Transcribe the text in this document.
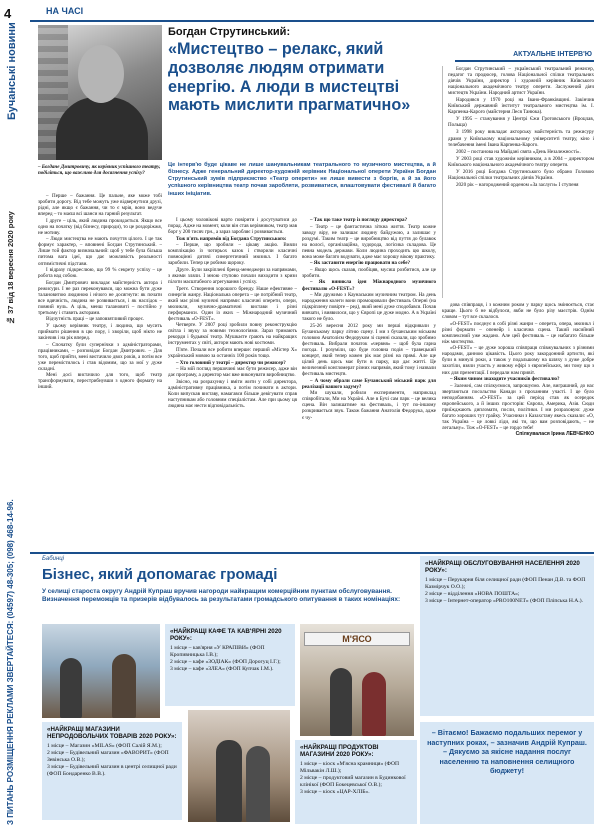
4
Бучанські новини
№ 37 від 18 вересня 2020 року
З ПИТАНЬ РОЗМІЩЕННЯ РЕКЛАМИ ЗВЕРТАЙТЕСЯ: (04597) 48-305; (098) 468-14-96.
НА ЧАСІ
АКТУАЛЬНЕ ІНТЕРВ'Ю
Богдан Струтинський:
«Мистецтво – релакс, який дозволяє людям отримати енергію. А люди в мистецтві мають мислити прагматично»
Це інтерв'ю буде цікаве не лише шанувальникам театрального то музичного мистецтва, а й бізнесу. Адже генеральний директор-художній керівник Національної оперети України Богдан Струтинський зумів підприємство «Театр оперети» не лише вивести з боргів, а й за його успішного керівництва театр почав заробляти, розвиватися, влаштовувати фестивалі й багато інших ініціатив.
– Богдане Дмитровичу, як керівник успішного театру, поділіться, що важливо для досягнення успіху?

Богдан Струтинський – український театральний режисер, педагог та продюсер, голова Національної спілки театральних діячів України, директор і художній керівник Київського національного академічного театру оперети. Заслужений діяч мистецтв України. Народний артист України.

Народився у 1970 році на Івано-Франківщині. Закінчив Київський державний інститут театрального мистецтва ім. І. Карпенка-Карого (майстерня Леся Танюка).

У 1995 – стажування у Центрі Єжи Гротовського (Вроцлав, Польща)

З 1998 року викладає акторську майстерність та режисуру драми у Київському національному університеті театру, кіно і телебачення імені Івана Карпенка-Карого.

2002 – постанова на Майдані свята «День Незалежності».

У 2003 році став художнім керівником, а в 2004 – директором Київського національного академічного театру оперети.

У 2016 році Богдана Струтинського було обрано Головою Національної спілки театральних діячів України.

2020 рік – нагороджений орденом «За заслуги» I ступеня

– Перше – бажання. Це пальне, яке може тобі зробити дорогу. Від тебе можуть уже відвернутися друзі, рідні, але якщо є бажання, чи то є мрія, воно ведуче вперед – то маєш всі шанси на гарний результат.

І друге – ціль, який людина прокидається. Якщо все одно на початку (від бізнесу, природи), то це роздоріжжя, не мотиву.

– Люди мистецтва не мають почуття цілого. І це так формує характер, – вповнені Богдан Струтинський. – Лише той фактор визначальний: щоб у тебе була більша питома вага ідеї, що дає можливість реальності оптимістичні підстави.

І відразу підкреслюю, що 99 % секрету успіху – це робота над собою.

Богдан Дмитрович викладає майстерність актора і режисури. І не раз переконувався, що можна бути дуже талановитою людиною і нічого не досягнути: як почати все вдячність, людина не розвивається, і як наслідок – повний нуль. А ціль, менш талановиті – постійно у третьому і ставить акторами.

Відчутність праці – це заповзятливий процес.

У цьому керівник театру, і людина, що мусить приймати рішення в цю пору, і хворіли, щоб нікто не закінчив і на рік вперед.

– Спочатку були супернічки з адміністраторами, працівниками, – розповідає Богдан Дмитрович. – Для того, щоб прийти, мені вистачило двох років, а потім все уже перемістилось і став відомим, що за мої у дуже складні.

Мені досі вистачило для того, щоб театр трансформувати, перестрибнувши з одного формату на інший.

І цьому чоловікові варто повірити і досутуватися до порад. Адже на момент, коли він став керівником, театр мав борг у 200 тисяч грн., а зараз заробляє і розвивається.

Тож п'ять напрямів від Богдана Струтинського:

– Перше, що зробили – цікаву акцію. Вияли комплікацію із чотирьох казок і створили класичні повноцінні дитячі синергетичний мюзикл. І багато заробили. Тепер це робимо щороку.

Друге. Були закріплені бренд-менеджери за напрямами, з якими зляли. І мною ступово почали виходити з кризи пілоти масштабного агрегування і успіху.

Третє. Створення хорошого бренду. Наше ефективне – синергія жанру. Національна оперета – це потрібний театр, який має різні музичні напрями: класичні оперети, опери, мюзикли, музично-драматичні вистави і різні перформанси. Один із яких – Міжнародний музичний фестиваль «O-FEST».

Четверте. У 2007 році зробили повну реконструкцію світла і звуку за новими технологіями. Зараз тримають рекорди і будьякої театр. Мушкаєте грають на найкращих інструментах у світі, актори мають нові костюми.

П'яте. Почали все робити вперше: перший «Містер Х» український мовою за останніх 100 років тощо.

– Хто головний у театрі – директор чи режисер?

– На мій погляд першочині має бути режисер, адже він дає програму, а директор має вже виконувати виробництво.

Звісно, на розрахунку і вміти жити у собі директора, адміністративну працівника, а потім починати в актори. Коли випускав виставу, намагався більше девігувати справ наступникам або головним спеціалістам. Але при цьому ця людина має нести відповідальність.

– Так що таке театр із погляду директора?

– Театр – це фантастична зіткна життя. Театр кожне заводу віру, не залишає людину байдужою, а залишає у роздумі. Таким театр – це виробництво від пуття до булавок на волосі, організаційна, худорода, логісика складова. Це певна модель держави. Коли людина проходить цю школу, вона може багато водувати, адже має хорошу вікову практику.

– Як заставити енергію працювати на себе?

– Якщо щось сказав, пообіцяв, мусиш розбитися, але це зробити.

– Як виникла ідея Міжнародного музичного фестивалю «O-FEST»?

– Ми дружимо з Каунаським музичним театром. На день народження колеги вони промоцювали фестиваль Оперні (на підкріплену повірте – ред), який мені дуже сподобався. Почав вивчати, і виявилося, що у Європі це дуже модно. А в Україні такого не було.

25-26 вересня 2012 року ми перші відкривали у Бучанському парку літню сцену. І ми з бучанським міським головою Анатолієм Федоруком зі сценні сказали, що зробимо фестиваль. Вибрали початок «червня» – щоб була гарна погода. І розуміли, що буде головна подія – травецький концерт, який тепер кожен рік має різні на прямі. Але ще цілий день щось має бути в парку, що дає житті. Це величезний конгломерат різних напрямів, який тому і назвали фестиваль мистецтв.

– А чому обрали саме Бучанський міський парк для реалізації вашого задуму?

Ми шукали, робили експерименти, наприклад співробітали, Ми на Україні. Але в Бучі сам парк – це велика сцена. Він залишатиме на фестиваль, і тут по-іншому розкривається звук. Також бажання Анатолія Федорука, адже є чу-

дова співпраця, і з кожним роком у парку щось змінюється, стає краще. Цього б не відбулося, якби не було різу маєстрів. Однім словом – тут все склалося.

«O-FEST» поєднує в собі різні жанри – оперета, опера, мюзикл і різні формати – опенейр і класична сцена. Такий насийний комплексний уже жадано. Але цей фестиваль – це набагато більше ніж мистецтво.

«O-FEST» – це дуже хороша співпраця співжувальних з різними народами, данною цікавість. Цього року закордонний артисти, які були в минулі роки, а також у подальшому на шляху з дуже добре захотіли, взяли участь у живому ефірі з європейських, ми тому що з них для презентації. І передали нам привіт.

– Яким чином знаходите учасників фестивалю?

– Залежні, сам спілкуємося, запрошуємо. Але, виграшний, до нас звертаються посольство Канади з проханням участі. І це було неподобанням. «O-FEST» за цей період став як осередок європейського, а й інших просторів: Європа, Америка, Азія. Сюди приїжджають дипломати, посли, політики. І ми розраховую: дуже багато хороших тут грайку. Учасники з Казахстану якесь сказали: «О, так Україна – це ловкі ліди, які ти, що вам розповідають, – не легальну». Тож «O-FEST» – це гордо тебе!

Спілкувалася Ірина ЛЕВЧЕНКО

Бабинці
Бізнес, який допомагає громаді
У селищі староста округу Андрій Купраш вручив нагороди найкращим комерційним пунктам обслуговування. Визначення переможців та призерів відбувалось за результатами громадського опитування в таких номінаціях:
«НАЙКРАЩІ КАФЕ ТА КАВ'ЯРНІ 2020 РОКУ»:
1 місце – кав'ярня «У КРАПІВИ» (ФОП Кропивницька І.В.);
2 місце – кафе «ЗОДІАК» (ФОП Дорогуц І.Г.);
3 місце – кафе «ЗЛЕА» (ФОП Купчак І.М.).
М'ЯСО
«НАЙКРАЩІ МАГАЗИНИ НЕПРОДОВОЛЬЧИХ ТОВАРІВ 2020 РОКУ»:
1 місце – Магазин «MILAS» (ФОП Салій Я.М.);
2 місце – Будівельний магазин «ФАВОРИТ» (ФОП Зевінська О.В.);
3 місце – Будівельний магазин в центрі селищної ради (ФОП Бондаренко В.В.).
«НАЙКРАЩІ ПРОДУКТОВІ МАГАЗИНИ 2020 РОКУ»:
1 місце – кіоск «М'ясна крамниця» (ФОП Мільвакін Л.Ш.);
2 місце – продуктовий магазин в Будинкової клінікої (ФОП Бокецевської О.В.);
3 місце – кіоск «ЦАР-ХЛІБ».
«НАЙКРАЩІ ОБСЛУГОВУВАННЯ НАСЕЛЕННЯ 2020 РОКУ»:
1 місце – Перукарня біля селищної ради (ФОП Пенан Д.В. та ФОП Казмірчук О.О.);
2 місце – відділення «НОВА ПОШТА»;
3 місце – Інтернет-оператор «PRO100NET» (ФОП Пліпська Н.А.).
– Вітаємо! Бажаємо подальших перемог у наступних роках, – зазначив Андрій Купраш. – Дякуємо за якісне надання послуг населенню та наповнення селищного бюджету!
